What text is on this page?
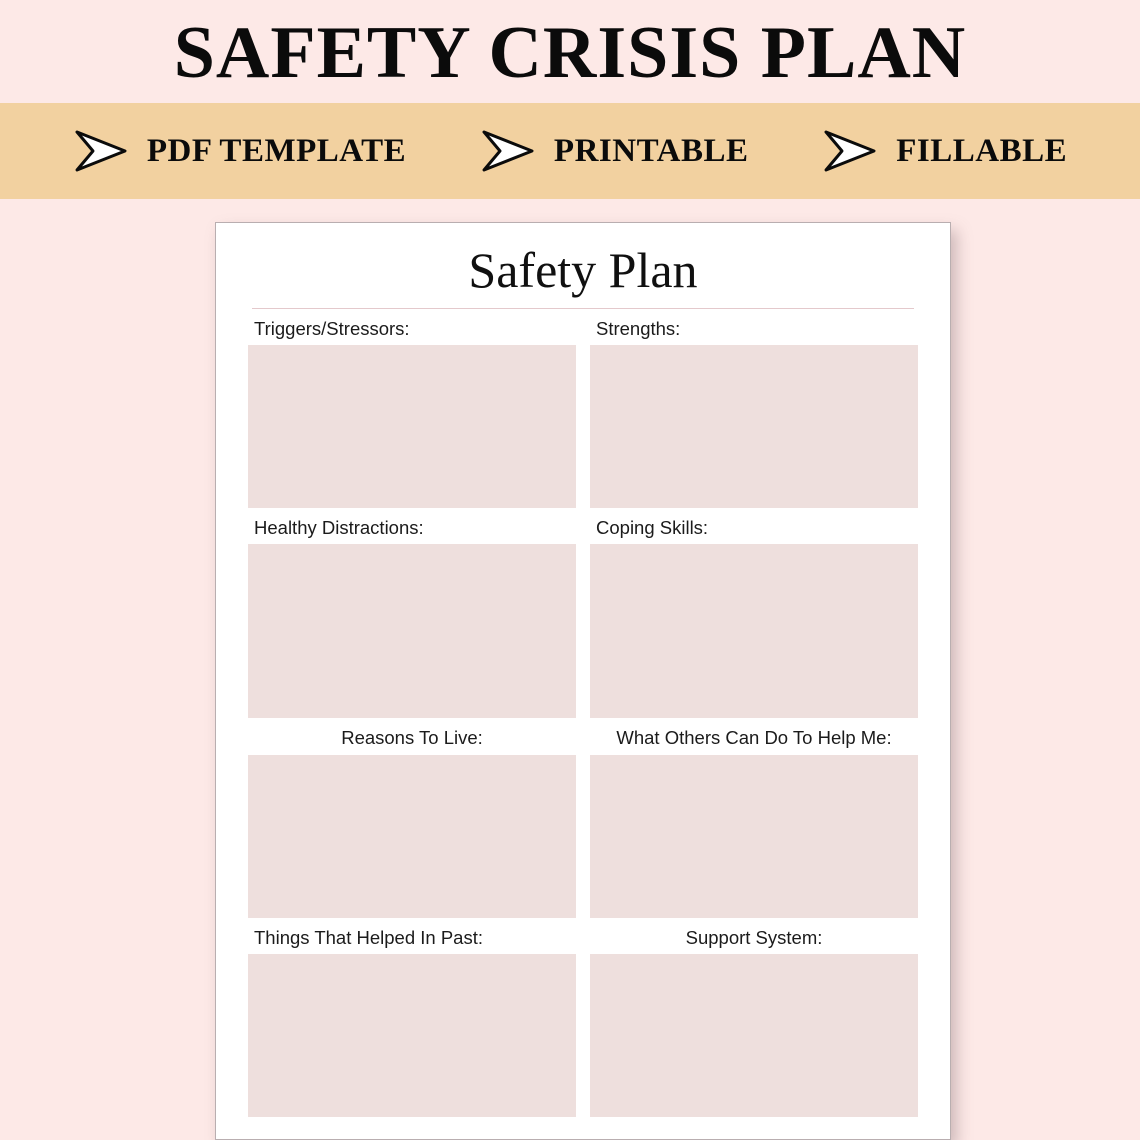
SAFETY CRISIS PLAN
PDF TEMPLATE	PRINTABLE	FILLABLE
Safety Plan
Triggers/Stressors:	Strengths:
Healthy Distractions:	Coping Skills:
Reasons To Live:	What Others Can Do To Help Me:
Things That Helped In Past:	Support System:
